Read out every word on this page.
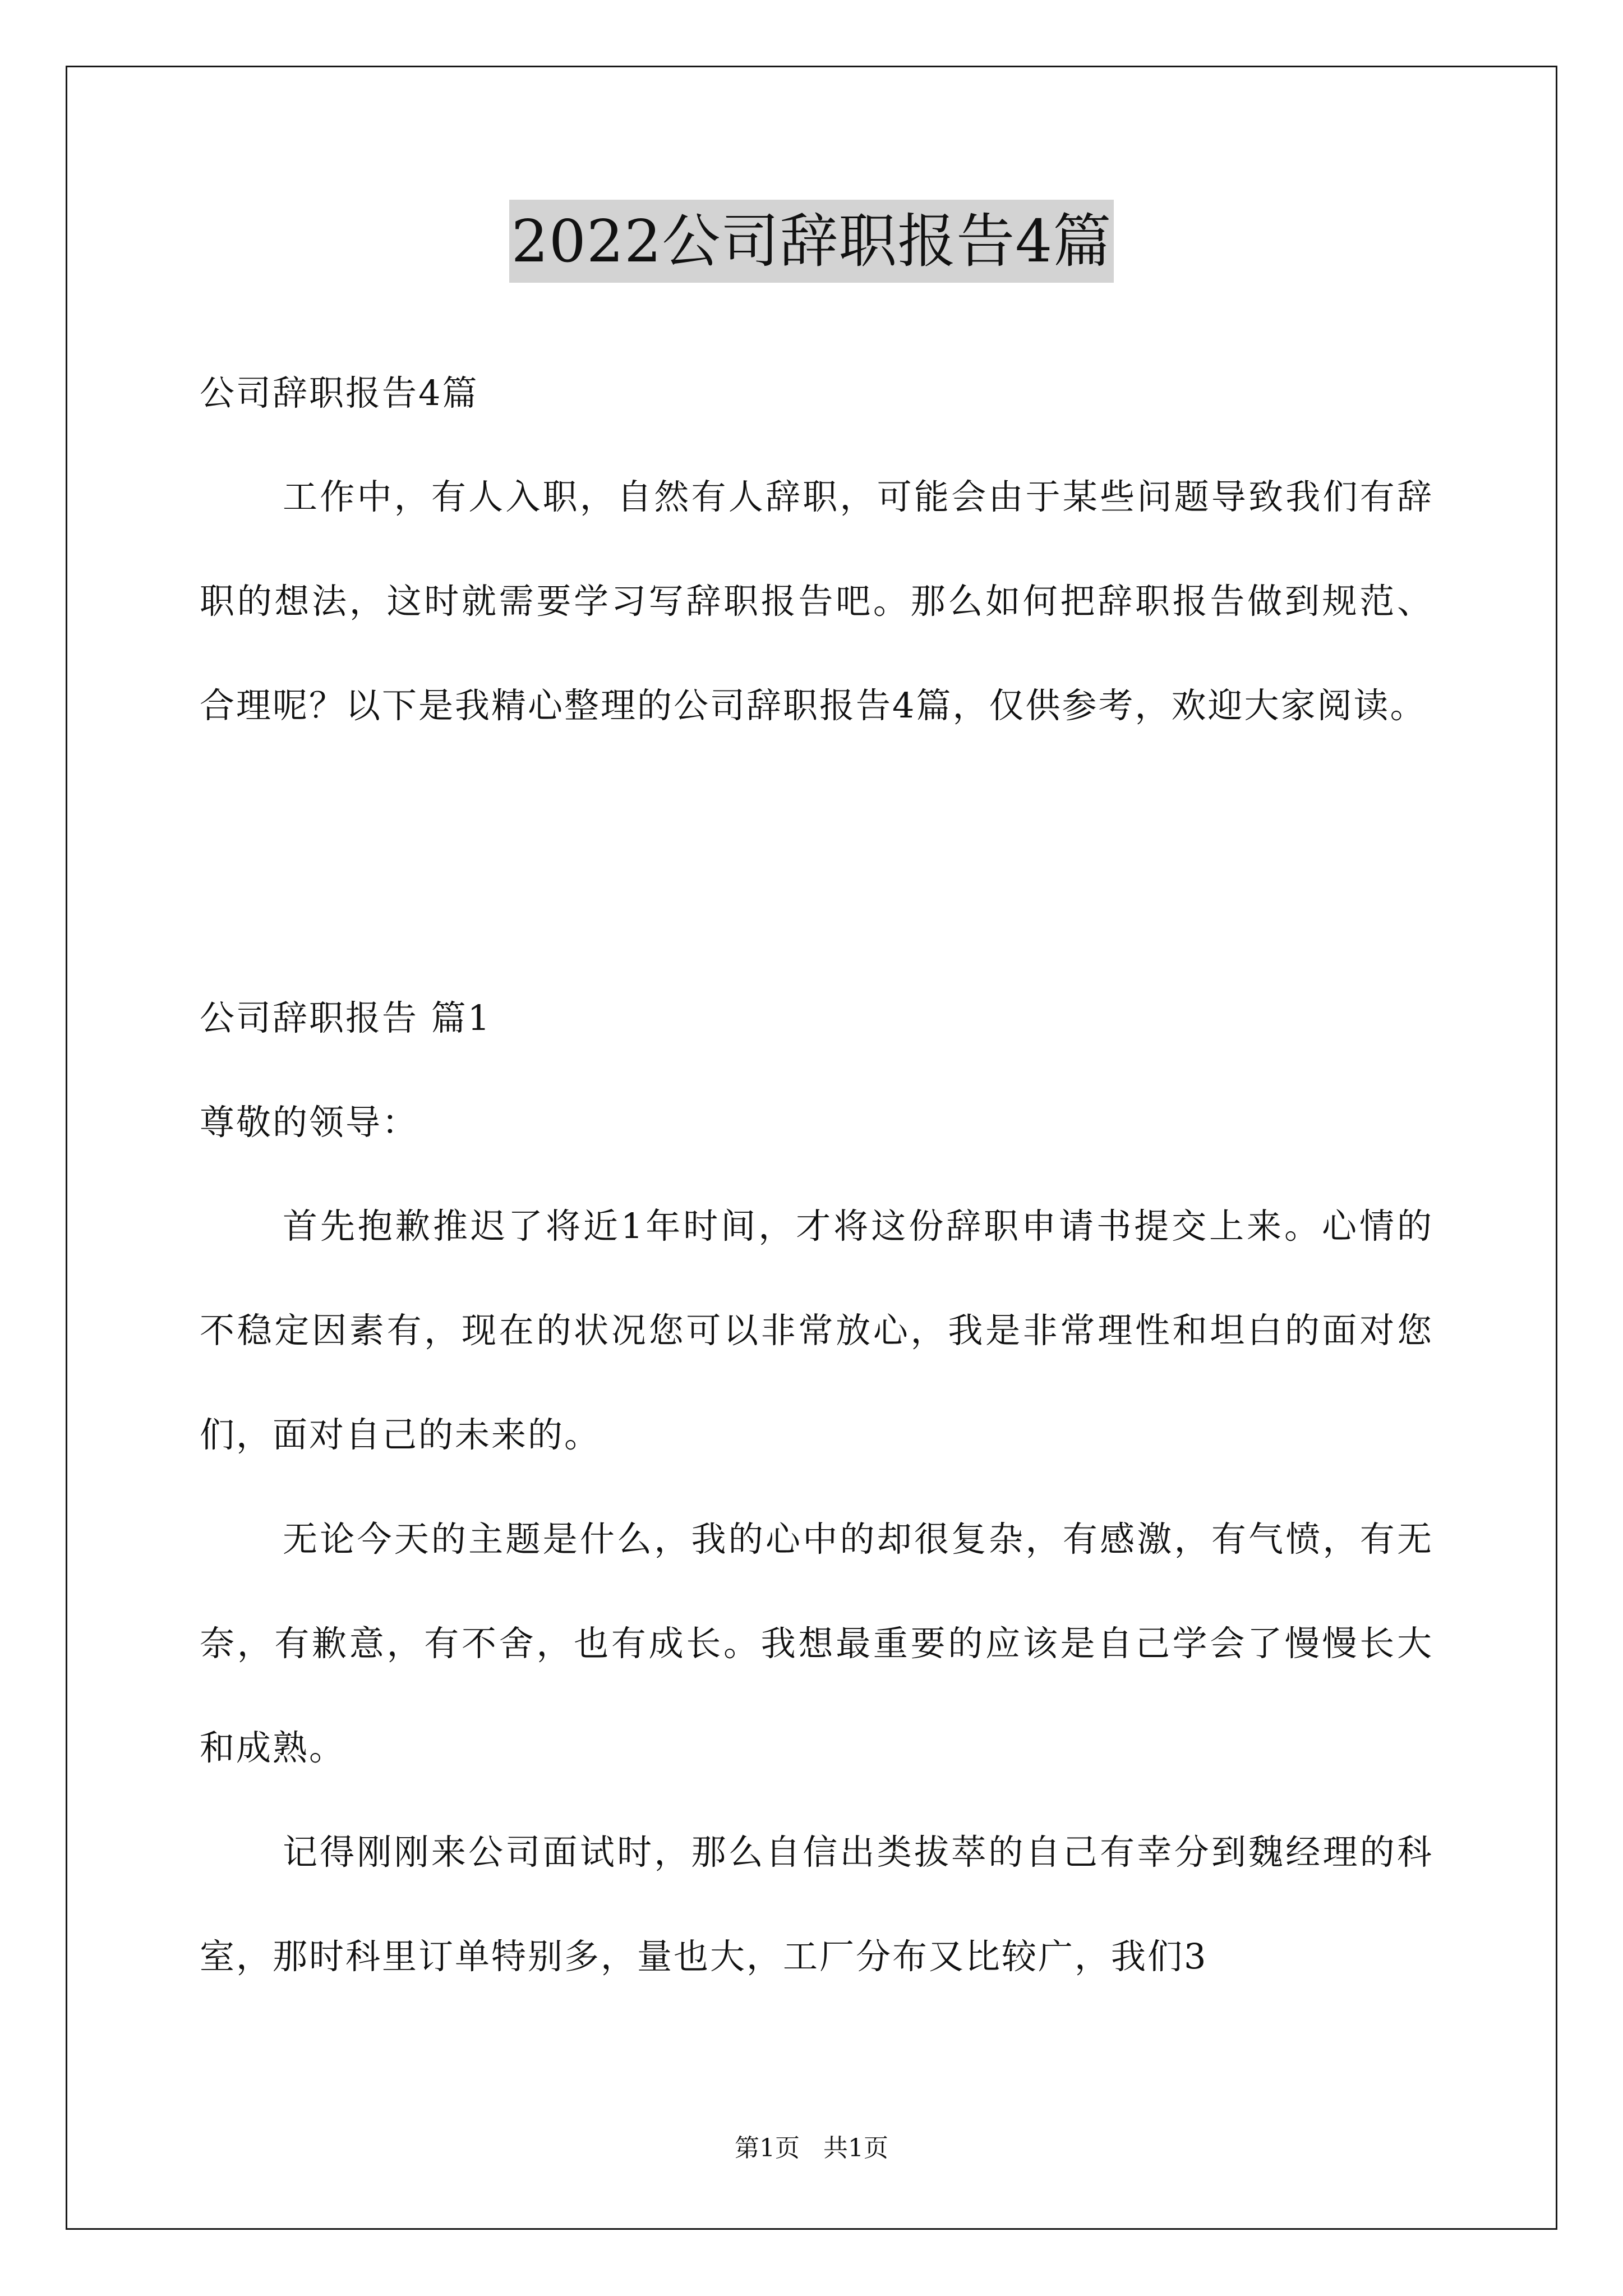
2022公司辞职报告4篇

公司辞职报告4篇

工作中，有人入职，自然有人辞职，可能会由于某些问题导致我们有辞职的想法，这时就需要学习写辞职报告吧。那么如何把辞职报告做到规范、合理呢？以下是我精心整理的公司辞职报告4篇，仅供参考，欢迎大家阅读。

公司辞职报告 篇1

尊敬的领导：

首先抱歉推迟了将近1年时间，才将这份辞职申请书提交上来。心情的不稳定因素有，现在的状况您可以非常放心，我是非常理性和坦白的面对您们，面对自己的未来的。

无论今天的主题是什么，我的心中的却很复杂，有感激，有气愤，有无奈，有歉意，有不舍，也有成长。我想最重要的应该是自己学会了慢慢长大和成熟。

记得刚刚来公司面试时，那么自信出类拔萃的自己有幸分到魏经理的科室，那时科里订单特别多，量也大，工厂分布又比较广，我们3

第1页   共1页
